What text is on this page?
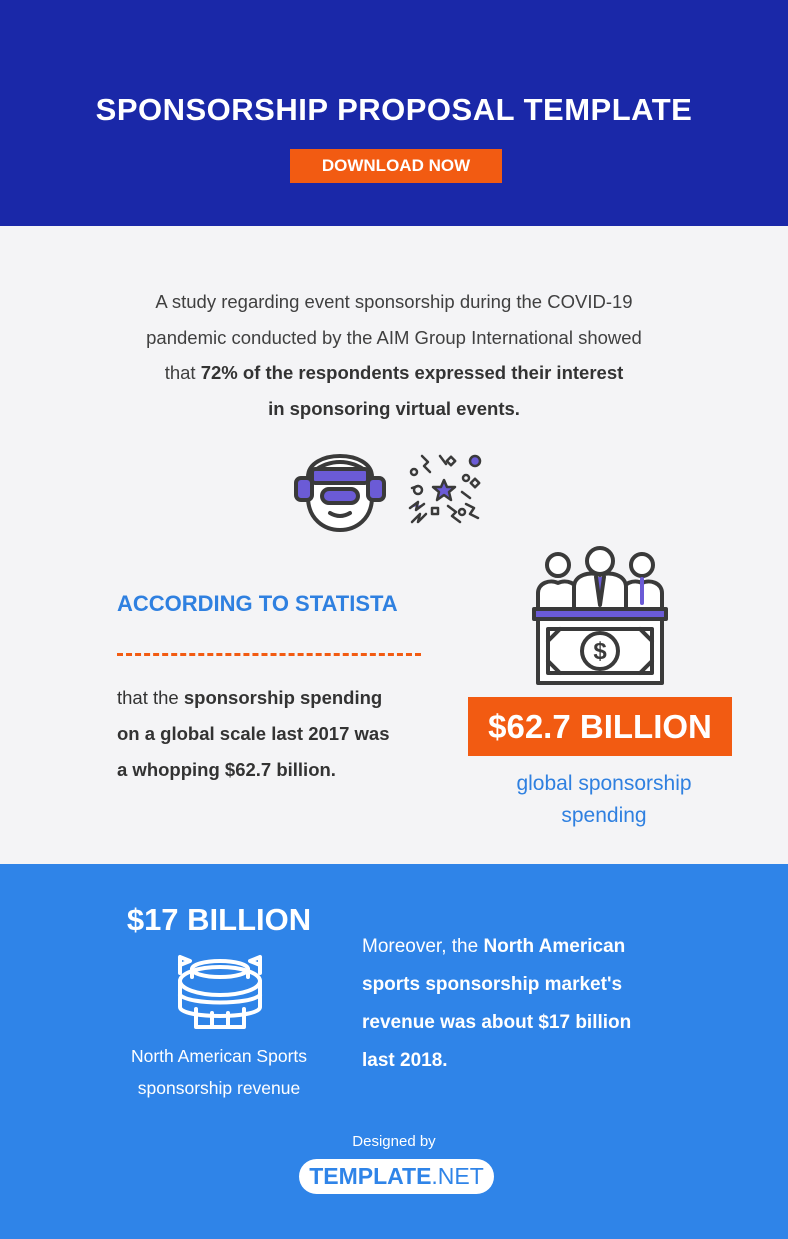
SPONSORSHIP PROPOSAL TEMPLATE
DOWNLOAD NOW
A study regarding event sponsorship during the COVID-19
pandemic conducted by the AIM Group International showed
that 72% of the respondents expressed their interest
in sponsoring virtual events.
ACCORDING TO STATISTA
that the sponsorship spending
on a global scale last 2017 was
a whopping $62.7 billion.
$
$62.7 BILLION
global sponsorship
spending
$17 BILLION
North American Sports
sponsorship revenue
Moreover, the North American
sports sponsorship market's
revenue was about $17 billion
last 2018.
Designed by
TEMPLATE.NET
